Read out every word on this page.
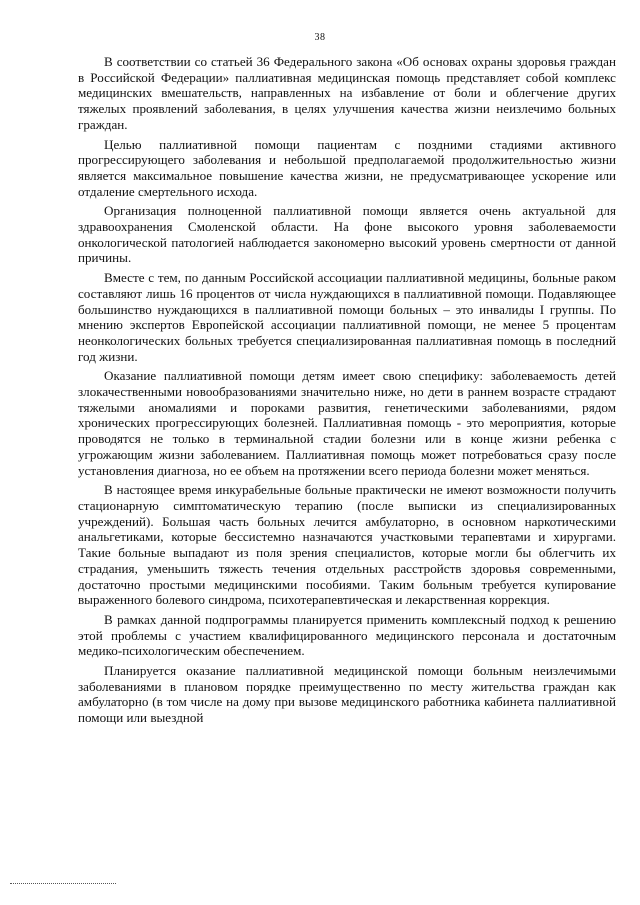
38

В соответствии со статьей 36 Федерального закона «Об основах охраны здоровья граждан в Российской Федерации» паллиативная медицинская помощь представляет собой комплекс медицинских вмешательств, направленных на избавление от боли и облегчение других тяжелых проявлений заболевания, в целях улучшения качества жизни неизлечимо больных граждан.

Целью паллиативной помощи пациентам с поздними стадиями активного прогрессирующего заболевания и небольшой предполагаемой продолжительностью жизни является максимальное повышение качества жизни, не предусматривающее ускорение или отдаление смертельного исхода.

Организация полноценной паллиативной помощи является очень актуальной для здравоохранения Смоленской области. На фоне высокого уровня заболеваемости онкологической патологией наблюдается закономерно высокий уровень смертности от данной причины.

Вместе с тем, по данным Российской ассоциации паллиативной медицины, больные раком составляют лишь 16 процентов от числа нуждающихся в паллиативной помощи. Подавляющее большинство нуждающихся в паллиативной помощи больных – это инвалиды I группы. По мнению экспертов Европейской ассоциации паллиативной помощи, не менее 5 процентам неонкологических больных требуется специализированная паллиативная помощь в последний год жизни.

Оказание паллиативной помощи детям имеет свою специфику: заболеваемость детей злокачественными новообразованиями значительно ниже, но дети в раннем возрасте страдают тяжелыми аномалиями и пороками развития, генетическими заболеваниями, рядом хронических прогрессирующих болезней. Паллиативная помощь - это мероприятия, которые проводятся не только в терминальной стадии болезни или в конце жизни ребенка с угрожающим жизни заболеванием. Паллиативная помощь может потребоваться сразу после установления диагноза, но ее объем на протяжении всего периода болезни может меняться.

В настоящее время инкурабельные больные практически не имеют возможности получить стационарную симптоматическую терапию (после выписки из специализированных учреждений). Большая часть больных лечится амбулаторно, в основном наркотическими анальгетиками, которые бессистемно назначаются участковыми терапевтами и хирургами. Такие больные выпадают из поля зрения специалистов, которые могли бы облегчить их страдания, уменьшить тяжесть течения отдельных расстройств здоровья современными, достаточно простыми медицинскими пособиями. Таким больным требуется купирование выраженного болевого синдрома, психотерапевтическая и лекарственная коррекция.

В рамках данной подпрограммы планируется применить комплексный подход к решению этой проблемы с участием квалифицированного медицинского персонала и достаточным медико-психологическим обеспечением.

Планируется оказание паллиативной медицинской помощи больным неизлечимыми заболеваниями в плановом порядке преимущественно по месту жительства граждан как амбулаторно (в том числе на дому при вызове медицинского работника кабинета паллиативной помощи или выездной
